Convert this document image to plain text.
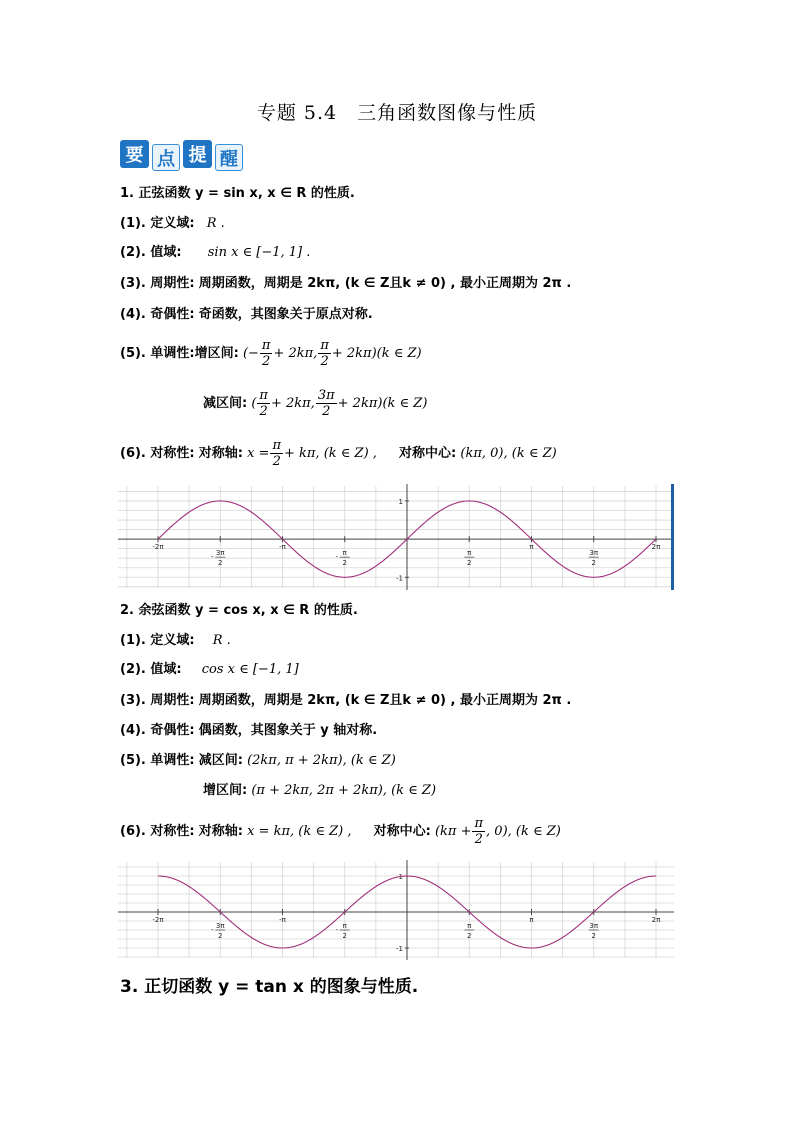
专题 5.4　三角函数图像与性质
要 点 提 醒
1. 正弦函数 y = sin x, x ∈ R 的性质.
(1). 定义域: R .
(2). 值域: sin x ∈ [−1, 1] .
(3). 周期性: 周期函数，周期是 2kπ, (k ∈ Z且k ≠ 0) , 最小正周期为 2π .
(4). 奇偶性: 奇函数，其图象关于原点对称.
(5). 单调性:增区间: (− $\frac{\pi}{2} + 2k\pi$, $\frac{\pi}{2} + 2k\pi)(k$ ∈ Z)
减区间: ( $\frac{\pi}{2} + 2k\pi$, $\frac{3\pi}{2} + 2k\pi)(k$ ∈ Z)
(6). 对称性: 对称轴: $x = \frac{\pi}{2} + k\pi$, (k ∈ Z) , 对称中心: (kπ, 0), (k ∈ Z)
-2π
3π
2
-
-π
π
2
-	π
2
π
3π
2
2π
1
-1
2. 余弦函数 y = cos x, x ∈ R 的性质.
(1). 定义域: R .
(2). 值域: cos x ∈ [−1, 1]
(3). 周期性: 周期函数，周期是 2kπ, (k ∈ Z且k ≠ 0) , 最小正周期为 2π .
(4). 奇偶性: 偶函数，其图象关于 y 轴对称.
(5). 单调性: 减区间: (2kπ, π + 2kπ), (k ∈ Z)
增区间: (π + 2kπ, 2π + 2kπ), (k ∈ Z)
(6). 对称性: 对称轴: x = kπ, (k ∈ Z) , 对称中心: ($k\pi + \frac{\pi}{2}$ , 0), (k ∈ Z)
-2π
3π
2
-
-π
π
2
-	π
2
π
3π
2
2π
1
-1
3. 正切函数 y = tan x 的图象与性质.
